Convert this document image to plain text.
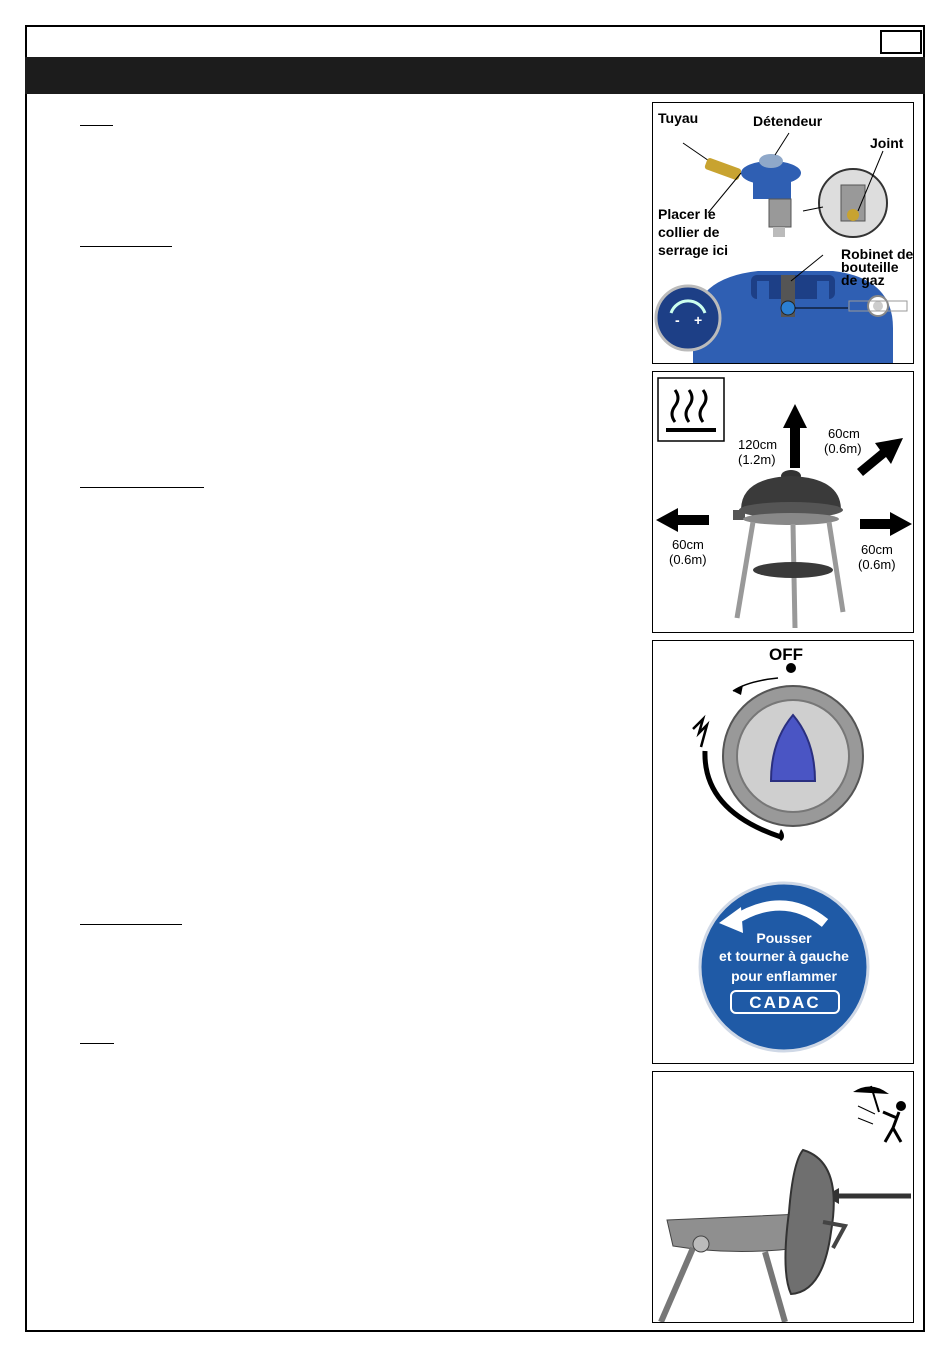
Tuyau	Détendeur
Joint
Placer le
collier de
serrage ici	Robinet de
bouteille
de gaz
- +
120cm
(1.2m)
60cm
(0.6m)
60cm
(0.6m)
60cm
(0.6m)
OFF
Pousser
et tourner à gauche
pour enflammer
CADAC
